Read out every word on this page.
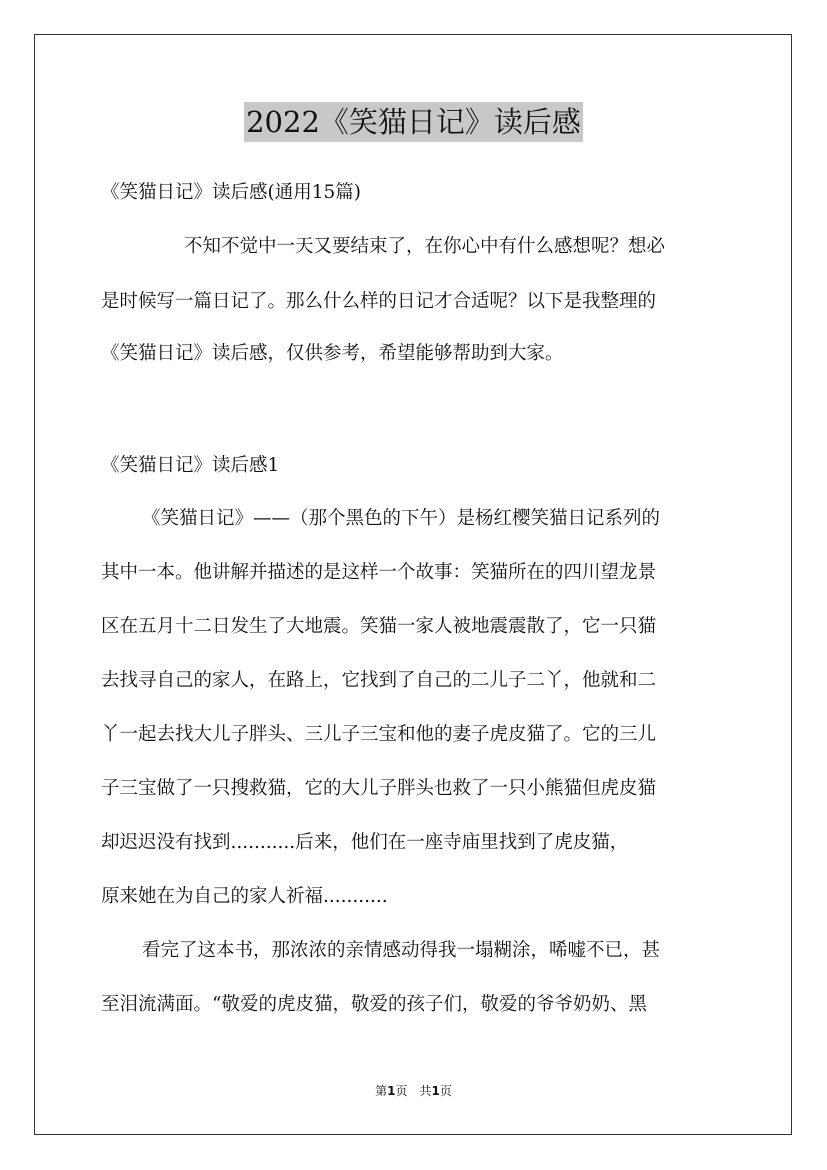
2022《笑猫日记》读后感
《笑猫日记》读后感(通用15篇)
不知不觉中一天又要结束了，在你心中有什么感想呢？想必
是时候写一篇日记了。那么什么样的日记才合适呢？以下是我整理的
《笑猫日记》读后感，仅供参考，希望能够帮助到大家。
《笑猫日记》读后感1
《笑猫日记》——（那个黑色的下午）是杨红樱笑猫日记系列的
其中一本。他讲解并描述的是这样一个故事：笑猫所在的四川望龙景
区在五月十二日发生了大地震。笑猫一家人被地震震散了，它一只猫
去找寻自己的家人，在路上，它找到了自己的二儿子二丫，他就和二
丫一起去找大儿子胖头、三儿子三宝和他的妻子虎皮猫了。它的三儿
子三宝做了一只搜救猫，它的大儿子胖头也救了一只小熊猫但虎皮猫
却迟迟没有找到...........后来，他们在一座寺庙里找到了虎皮猫，
原来她在为自己的家人祈福...........
看完了这本书，那浓浓的亲情感动得我一塌糊涂，唏嘘不已，甚
至泪流满面。“敬爱的虎皮猫，敬爱的孩子们，敬爱的爷爷奶奶、黑
第1页　共1页
